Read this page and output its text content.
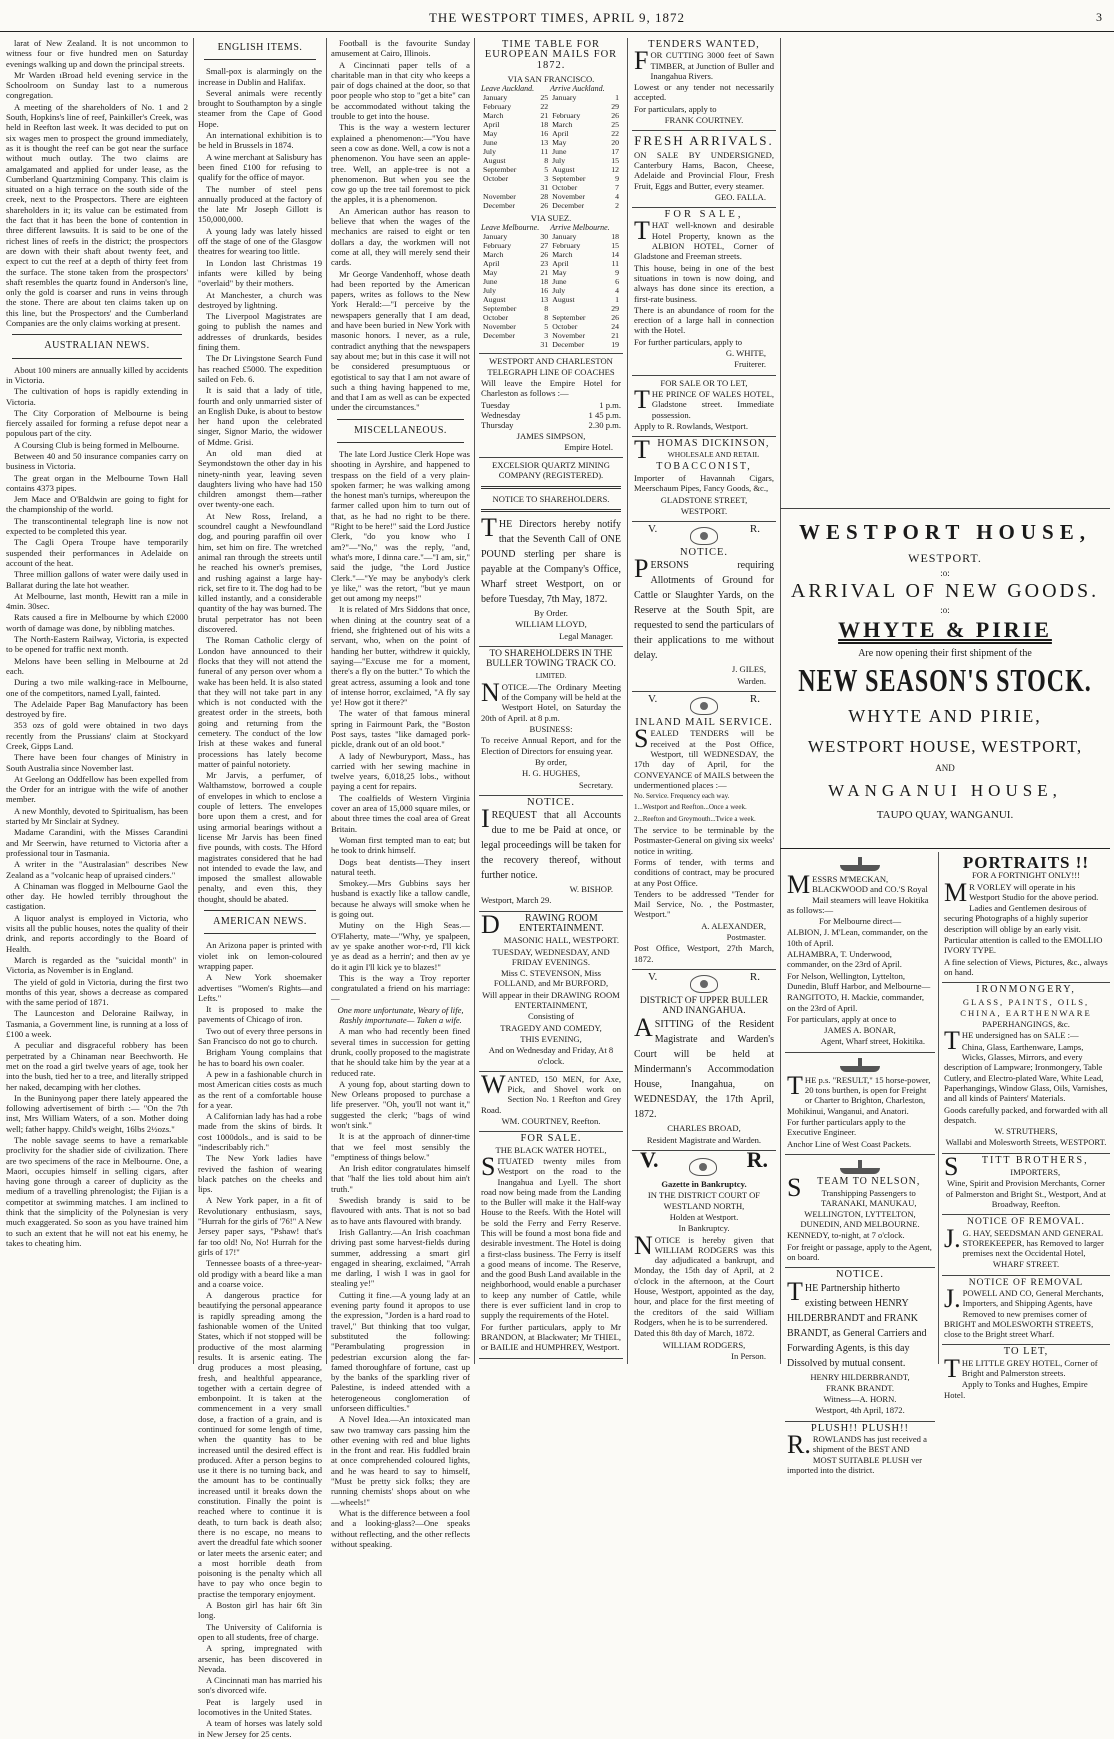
THE WESTPORT TIMES, APRIL 9, 1872	3

larat of New Zealand. It is not uncommon to witness four or five hundred men on Saturday evenings walking up and down the principal streets.

Mr Warden ıBroad held evening service in the Schoolroom on Sunday last to a numerous congregation.

A meeting of the shareholders of No. 1 and 2 South, Hopkins's line of reef, Painkiller's Creek, was held in Reefton last week. It was decided to put on six wages men to prospect the ground immediately, as it is thought the reef can be got near the surface without much outlay. The two claims are amalgamated and applied for under lease, as the Cumberland Quartzmining Company. This claim is situated on a high terrace on the south side of the creek, next to the Prospectors. There are eighteen shareholders in it; its value can be estimated from the fact that it has been the bone of contention in three different lawsuits. It is said to be one of the richest lines of reefs in the district; the prospectors are down with their shaft about twenty feet, and expect to cut the reef at a depth of thirty feet from the surface. The stone taken from the prospectors' shaft resembles the quartz found in Anderson's line, only the gold is coarser and runs in veins through the stone. There are about ten claims taken up on this line, but the Prospectors' and the Cumberland Companies are the only claims working at present.

AUSTRALIAN NEWS.

About 100 miners are annually killed by accidents in Victoria.

The cultivation of hops is rapidly extending in Victoria.

The City Corporation of Melbourne is being fiercely assailed for forming a refuse depot near a populous part of the city.

A Coursing Club is being formed in Melbourne.

Between 40 and 50 insurance companies carry on business in Victoria.

The great organ in the Melbourne Town Hall contains 4373 pipes.

Jem Mace and O'Baldwin are going to fight for the championship of the world.

The transcontinental telegraph line is now not expected to be completed this year.

The Cagli Opera Troupe have temporarily suspended their performances in Adelaide on account of the heat.

Three million gallons of water were daily used in Ballarat during the late hot weather.

At Melbourne, last month, Hewitt ran a mile in 4min. 30sec.

Rats caused a fire in Melbourne by which £2000 worth of damage was done, by nibbling matches.

The North-Eastern Railway, Victoria, is expected to be opened for traffic next month.

Melons have been selling in Melbourne at 2d each.

During a two mile walking-race in Melbourne, one of the competitors, named Lyall, fainted.

The Adelaide Paper Bag Manufactory has been destroyed by fire.

353 ozs of gold were obtained in two days recently from the Prussians' claim at Stockyard Creek, Gipps Land.

There have been four changes of Ministry in South Australia since November last.

At Geelong an Oddfellow has been expelled from the Order for an intrigue with the wife of another member.

A new Monthly, devoted to Spiritualism, has been started by Mr Sinclair at Sydney.

Madame Carandini, with the Misses Carandini and Mr Seerwin, have returned to Victoria after a professional tour in Tasmania.

A writer in the "Australasian" describes New Zealand as a "volcanic heap of upraised cinders."

A Chinaman was flogged in Melbourne Gaol the other day. He howled terribly throughout the castigation.

A liquor analyst is employed in Victoria, who visits all the public houses, notes the quality of their drink, and reports accordingly to the Board of Health.

March is regarded as the "suicidal month" in Victoria, as November is in England.

The yield of gold in Victoria, during the first two months of this year, shows a decrease as compared with the same period of 1871.

The Launceston and Deloraine Railway, in Tasmania, a Government line, is running at a loss of £100 a week.

A peculiar and disgraceful robbery has been perpetrated by a Chinaman near Beechworth. He met on the road a girl twelve years of age, took her into the bush, tied her to a tree, and literally stripped her naked, decamping with her clothes.

In the Buninyong paper there lately appeared the following advertisement of birth :— "On the 7th inst, Mrs William Waters, of a son. Mother doing well; father happy. Child's weight, 16lbs 2½ozs."

The noble savage seems to have a remarkable proclivity for the shadier side of civilization. There are two specimens of the race in Melbourne. One, a Maori, occupies himself in selling cigars, after having gone through a career of duplicity as the medium of a travelling phrenologist; the Fijian is a competitor at swimming matches. I am inclined to think that the simplicity of the Polynesian is very much exaggerated. So soon as you have trained him to such an extent that he will not eat his enemy, he takes to cheating him.

ENGLISH ITEMS.

Small-pox is alarmingly on the increase in Dublin and Halifax.

Several animals were recently brought to Southampton by a single steamer from the Cape of Good Hope.

An international exhibition is to be held in Brussels in 1874.

A wine merchant at Salisbury has been fined £100 for refusing to qualify for the office of mayor.

The number of steel pens annually produced at the factory of the late Mr Joseph Gillott is 150,000,000.

A young lady was lately hissed off the stage of one of the Glasgow theatres for wearing too little.

In London last Christmas 19 infants were killed by being "overlaid" by their mothers.

At Manchester, a church was destroyed by lightning.

The Liverpool Magistrates are going to publish the names and addresses of drunkards, besides fining them.

The Dr Livingstone Search Fund has reached £5000. The expedition sailed on Feb. 6.

It is said that a lady of title, fourth and only unmarried sister of an English Duke, is about to bestow her hand upon the celebrated singer, Signor Mario, the widower of Mdme. Grisi.

An old man died at Seymondstown the other day in his ninety-ninth year, leaving seven daughters living who have had 150 children amongst them—rather over twenty-one each.

At New Ross, Ireland, a scoundrel caught a Newfoundland dog, and pouring paraffin oil over him, set him on fire. The wretched animal ran through the streets until he reached his owner's premises, and rushing against a large hay-rick, set fire to it. The dog had to be killed instantly, and a considerable quantity of the hay was burned. The brutal perpetrator has not been discovered.

The Roman Catholic clergy of London have announced to their flocks that they will not attend the funeral of any person over whom a wake has been held. It is also stated that they will not take part in any which is not conducted with the greatest order in the streets, both going and returning from the cemetery. The conduct of the low Irish at these wakes and funeral processions has lately become matter of painful notoriety.

Mr Jarvis, a perfumer, of Walthamstow, borrowed a couple of envelopes in which to enclose a couple of letters. The envelopes bore upon them a crest, and for using armorial bearings without a license Mr Jarvis has been fined five pounds, with costs. The Hford magistrates considered that he had not intended to evade the law, and imposed the smallest allowable penalty, and even this, they thought, should be abated.

AMERICAN NEWS.

An Arizona paper is printed with violet ink on lemon-coloured wrapping paper.

A New York shoemaker advertises "Women's Rights—and Lefts."

It is proposed to make the pavements of Chicago of iron.

Two out of every three persons in San Francisco do not go to church.

Brigham Young complains that he has to board his own coaler.

A pew in a fashionable church in most American cities costs as much as the rent of a comfortable house for a year.

A Californian lady has had a robe made from the skins of birds. It cost 1000dols., and is said to be "indescribably rich."

The New York ladies have revived the fashion of wearing black patches on the cheeks and lips.

A New York paper, in a fit of Revolutionary enthusiasm, says, "Hurrah for the girls of '76!" A New Jersey paper says, "Pshaw! that's far too old! No, No! Hurrah for the girls of 17!"

Tennessee boasts of a three-year-old prodigy with a beard like a man and a coarse voice.

A dangerous practice for beautifying the personal appearance is rapidly spreading among the fashionable women of the United States, which if not stopped will be productive of the most alarming results. It is arsenic eating. The drug produces a most pleasing, fresh, and healthful appearance, together with a certain degree of embonpoint. It is taken at the commencement in a very small dose, a fraction of a grain, and is continued for some length of time, when the quantity has to be increased until the desired effect is produced. After a person begins to use it there is no turning back, and the amount has to be continually increased until it breaks down the constitution. Finally the point is reached where to continue it is death, to turn back is death also; there is no escape, no means to avert the dreadful fate which sooner or later meets the arsenic eater; and a most horrible death from poisoning is the penalty which all have to pay who once begin to practise the temporary enjoyment.

A Boston girl has hair 6ft 3in long.

The University of California is open to all students, free of charge.

A spring, impregnated with arsenic, has been discovered in Nevada.

A Cincinnati man has married his son's divorced wife.

Peat is largely used in locomotives in the United States.

A team of horses was lately sold in New Jersey for 25 cents.

Football is the favourite Sunday amusement at Cairo, Illinois.

A Cincinnati paper tells of a charitable man in that city who keeps a pair of dogs chained at the door, so that poor people who stop to "get a bite" can be accommodated without taking the trouble to get into the house.

This is the way a western lecturer explained a phenomenon:—"You have seen a cow as done. Well, a cow is not a phenomenon. You have seen an apple-tree. Well, an apple-tree is not a phenomenon. But when you see the cow go up the tree tail foremost to pick the apples, it is a phenomenon.

An American author has reason to believe that when the wages of the mechanics are raised to eight or ten dollars a day, the workmen will not come at all, they will merely send their cards.

Mr George Vandenhoff, whose death had been reported by the American papers, writes as follows to the New York Herald:—"I perceive by the newspapers generally that I am dead, and have been buried in New York with masonic honors. I never, as a rule, contradict anything that the newspapers say about me; but in this case it will not be considered presumptuous or egotistical to say that I am not aware of such a thing having happened to me, and that I am as well as can be expected under the circumstances."

MISCELLANEOUS.

The late Lord Justice Clerk Hope was shooting in Ayrshire, and happened to trespass on the field of a very plain-spoken farmer; he was walking among the honest man's turnips, whereupon the farmer called upon him to turn out of that, as he had no right to be there. "Right to be here!" said the Lord Justice Clerk, "do you know who I am?"—"No," was the reply, "and, what's more, I dinna care."—"I am, sir," said the judge, "the Lord Justice Clerk."—"Ye may be anybody's clerk ye like," was the retort, "but ye maun get out among my neeps!"

It is related of Mrs Siddons that once, when dining at the country seat of a friend, she frightened out of his wits a servant, who, when on the point of handing her butter, withdrew it quickly, saying—"Excuse me for a moment, there's a fly on the butter." To which the great actress, assuming a look and tone of intense horror, exclaimed, "A fly say ye! How got it there?"

The water of that famous mineral spring in Fairmount Park, the "Boston Post says, tastes "like damaged pork-pickle, drank out of an old boot."

A lady of Newburyport, Mass., has carried with her sewing machine in twelve years, 6,018,25 lobs., without paying a cent for repairs.

The coalfields of Western Virginia cover an area of 15,000 square miles, or about three times the coal area of Great Britain.

Woman first tempted man to eat; but he took to drink himself.

Dogs beat dentists—They insert natural teeth.

Smokey.—Mrs Gubbins says her husband is exactly like a tallow candle, because he always will smoke when he is going out.

Mutiny on the High Seas.—O'Flaherty, mate—"Why, ye spalpeen, av ye spake another wor-r-rd, I'll kick ye as dead as a herrin'; and then av ye do it agin I'll kick ye to blazes!"

This is the way a Troy reporter congratulated a friend on his marriage:—

One more unfortunate, Weary of life, Rashly importunate— Taken a wife.

A man who had recently been fined several times in succession for getting drunk, coolly proposed to the magistrate that he should take him by the year at a reduced rate.

A young fop, about starting down to New Orleans proposed to purchase a life preserver. "Oh, you'll not want it," suggested the clerk; "bags of wind won't sink."

It is at the approach of dinner-time that we feel most sensibly the "emptiness of things below."

An Irish editor congratulates himself that "half the lies told about him ain't truth."

Swedish brandy is said to be flavoured with ants. That is not so bad as to have ants flavoured with brandy.

Irish Gallantry.—An Irish coachman driving past some harvest-fields during summer, addressing a smart girl engaged in shearing, exclaimed, "Arrah me darling, I wish I was in gaol for stealing ye!"

Cutting it fine.—A young lady at an evening party found it apropos to use the expression, "Jorden is a hard road to travel," But thinking that too vulgar, substituted the following: "Perambulating progression in pedestrian excursion along the far-famed thoroughfare of fortune, cast up by the banks of the sparkling river of Palestine, is indeed attended with a heterogeneous conglomeration of unforseen difficulties."

A Novel Idea.—An intoxicated man saw two tramway cars passing him the other evening with red and blue lights in the front and rear. His fuddled brain at once comprehended coloured lights, and he was heard to say to himself, "Must be pretty sick folks; they are running chemists' shops about on whe—wheels!"

What is the difference between a fool and a looking-glass?—One speaks without reflecting, and the other reflects without speaking.

TIME TABLE FOR EUROPEAN MAILS FOR 1872.
VIA SAN FRANCISCO.
Leave Auckland.		Arrive Auckland.	
January	25	January	1
February	22		29
March	21	February	26
April	18	March	25
May	16	April	22
June	13	May	20
July	11	June	17
August	8	July	15
September	5	August	12
October	3	September	9
	31	October	7
November	28	November	4
December	26	December	2
VIA SUEZ.
Leave Melbourne.		Arrive Melbourne.	
January	30	January	18
February	27	February	15
March	26	March	14
April	23	April	11
May	21	May	9
June	18	June	6
July	16	July	4
August	13	August	1
September	8		29
October	8	September	26
November	5	October	24
December	3	November	21
	31	December	19

WESTPORT AND CHARLESTON TELEGRAPH LINE OF COACHES

Will leave the Empire Hotel for Charleston as follows :—

Tuesday	1 p.m.
Wednesday	1 45 p.m.
Thursday	2.30 p.m.

JAMES SIMPSON,

Empire Hotel.

EXCELSIOR QUARTZ MINING COMPANY (REGISTERED).

NOTICE TO SHAREHOLDERS.

THE Directors hereby notify that the Seventh Call of ONE POUND sterling per share is payable at the Company's Office, Wharf street Westport, on or before Tuesday, 7th May, 1872.

By Order.

WILLIAM LLOYD,

Legal Manager.

TO SHAREHOLDERS IN THE BULLER TOWING TRACK CO.

LIMITED.

NOTICE.—The Ordinary Meeting of the Company will be held at the Westport Hotel, on Saturday the 20th of April. at 8 p.m.

BUSINESS:

To receive Annual Report, and for the Election of Directors for ensuing year.

By order,

H. G. HUGHES,

Secretary.

NOTICE.

IREQUEST that all Accounts due to me be Paid at once, or legal proceedings will be taken for the recovery thereof, without further notice.

W. BISHOP.

Westport, March 29.

DRAWING ROOM ENTERTAINMENT.

MASONIC HALL, WESTPORT.

TUESDAY, WEDNESDAY, AND FRIDAY EVENINGS.

Miss C. STEVENSON, Miss FOLLAND, and Mr BURFORD,

Will appear in their DRAWING ROOM ENTERTAINMENT,

Consisting of

TRAGEDY AND COMEDY,

THIS EVENING,

And on Wednesday and Friday, At 8 o'clock.

WANTED, 150 MEN, for Axe, Pick, and Shovel work on Section No. 1 Reefton and Grey Road.

WM. COURTNEY, Reefton.

FOR SALE.

THE BLACK WATER HOTEL,

SITUATED twenty miles from Westport on the road to the Inangahua and Lyell. The short road now being made from the Landing to the Buller will make it the Half-way House to the Reefs. With the Hotel will be sold the Ferry and Ferry Reserve. This will be found a most bona fide and desirable investment. The Hotel is doing a first-class business. The Ferry is itself a good means of income. The Reserve, and the good Bush Land available in the neighborhood, would enable a purchaser to keep any number of Cattle, while there is ever sufficient land in crop to supply the requirements of the Hotel.

For further particulars, apply to Mr BRANDON, at Blackwater; Mr THIEL, or BAILIE and HUMPHREY, Westport.

TENDERS WANTED,

FOR CUTTING 3000 feet of Sawn TIMBER, at Junction of Buller and Inangahua Rivers.

Lowest or any tender not necessarily accepted.

For particulars, apply to

FRANK COURTNEY.

FRESH ARRIVALS.

ON SALE BY UNDERSIGNED, Canterbury Hams, Bacon, Cheese, Adelaide and Provincial Flour, Fresh Fruit, Eggs and Butter, every steamer.

GEO. FALLA.

FOR SALE,

THAT well-known and desirable Hotel Property, known as the ALBION HOTEL, Corner of Gladstone and Freeman streets.

This house, being in one of the best situations in town is now doing, and always has done since its erection, a first-rate business.

There is an abundance of room for the erection of a large hall in connection with the Hotel.

For further particulars, apply to

G. WHITE,

Fruiterer.

FOR SALE OR TO LET,

THE PRINCE OF WALES HOTEL, Gladstone street. Immediate possession.

Apply to R. Rowlands, Westport.

THOMAS DICKINSON,

WHOLESALE AND RETAIL

TOBACCONIST,

Importer of Havannah Cigars, Meerschaum Pipes, Fancy Goods, &c.,

GLADSTONE STREET,

WESTPORT.

V.	R.
NOTICE.

PERSONS requiring Allotments of Ground for Cattle or Slaughter Yards, on the Reserve at the South Spit, are requested to send the particulars of their applications to me without delay.

J. GILES,

Warden.

V.	R.
INLAND MAIL SERVICE.

SEALED TENDERS will be received at the Post Office, Westport, till WEDNESDAY, the 17th day of April, for the CONVEYANCE of MAILS between the undermentioned places :—

No. Service. Frequency each way.

1...Westport and Reefton...Once a week.

2...Reefton and Greymouth...Twice a week.

The service to be terminable by the Postmaster-General on giving six weeks' notice in writing.

Forms of tender, with terms and conditions of contract, may be procured at any Post Office.

Tenders to be addressed "Tender for Mail Service, No. , the Postmaster, Westport."

A. ALEXANDER,

Postmaster.

Post Office, Westport, 27th March, 1872.

V.	R.

DISTRICT OF UPPER BULLER AND INANGAHUA.

ASITTING of the Resident Magistrate and Warden's Court will be held at Mindermann's Accommodation House, Inangahua, on WEDNESDAY, the 17th April, 1872.

CHARLES BROAD,

Resident Magistrate and Warden.

V.	R.

Gazette in Bankruptcy.

IN THE DISTRICT COURT OF WESTLAND NORTH,

Holden at Westport.

In Bankruptcy.

NOTICE is hereby given that WILLIAM RODGERS was this day adjudicated a bankrupt, and Monday, the 15th day of April, at 2 o'clock in the afternoon, at the Court House, Westport, appointed as the day, hour, and place for the first meeting of the creditors of the said William Rodgers, when he is to be surrendered.

Dated this 8th day of March, 1872.

WILLIAM RODGERS,

In Person.

WESTPORT HOUSE,
WESTPORT.
:o:
ARRIVAL OF NEW GOODS.
:o:
WHYTE & PIRIE
Are now opening their first shipment of the
NEW SEASON'S STOCK.
WHYTE AND PIRIE,
WESTPORT HOUSE, WESTPORT,
AND
WANGANUI HOUSE,
TAUPO QUAY, WANGANUI.

MESSRS M'MECKAN, BLACKWOOD and CO.'S Royal Mail steamers will leave Hokitika as follows:—

For Melbourne direct—

ALBION, J. M'Lean, commander, on the 10th of April.

ALHAMBRA, T. Underwood, commander, on the 23rd of April.

For Nelson, Wellington, Lyttelton, Dunedin, Bluff Harbor, and Melbourne—

RANGITOTO, H. Mackie, commander, on the 23rd of April.

For particulars, apply at once to

JAMES A. BONAR,

Agent, Wharf street, Hokitika.

THE p.s. "RESULT," 15 horse-power, 20 tons burthen, is open for Freight or Charter to Brighton, Charleston, Mohikinui, Wanganui, and Anatori.

For further particulars apply to the Executive Engineer.

Anchor Line of West Coast Packets.

STEAM TO NELSON,

Transhipping Passengers to TARANAKI, MANUKAU, WELLINGTON, LYTTELTON, DUNEDIN, AND MELBOURNE.

KENNEDY, to-night, at 7 o'clock.

For freight or passage, apply to the Agent, on board.

NOTICE.

THE Partnership hitherto existing between HENRY HILDERBRANDT and FRANK BRANDT, as General Carriers and Forwarding Agents, is this day Dissolved by mutual consent.

HENRY HILDERBRANDT,

FRANK BRANDT.

Witness—A. HORN.

Westport, 4th April, 1872.

PLUSH!! PLUSH!!

R.ROWLANDS has just received a shipment of the BEST AND MOST SUITABLE PLUSH ver imported into the district.

PORTRAITS !!

FOR A FORTNIGHT ONLY!!!

MR VORLEY will operate in his Westport Studio for the above period.

Ladies and Gentlemen desirous of securing Photographs of a highly superior description will oblige by an early visit.

Particular attention is called to the EMOLLIO IVORY TYPE.

A fine selection of Views, Pictures, &c., always on hand.

IRONMONGERY,

GLASS, PAINTS, OILS,

CHINA, EARTHENWARE

PAPERHANGINGS, &c.

THE undersigned has on SALE :—

China, Glass, Earthenware, Lamps, Wicks, Glasses, Mirrors, and every description of Lampware; Ironmongery, Table Cutlery, and Electro-plated Ware, White Lead, Paperhangings, Window Glass, Oils, Varnishes, and all kinds of Painters' Materials.

Goods carefully packed, and forwarded with all despatch.

W. STRUTHERS,

Wallabi and Molesworth Streets, WESTPORT.

STITT BROTHERS,

IMPORTERS,

Wine, Spirit and Provision Merchants, Corner of Palmerston and Bright St., Westport, And at Broadway, Reefton.

NOTICE OF REMOVAL.

J.G. HAY, SEEDSMAN AND GENERAL STOREKEEPER, has Removed to larger premises next the Occidental Hotel,

WHARF STREET.

NOTICE OF REMOVAL

J.POWELL AND CO, General Merchants, Importers, and Shipping Agents, have Removed to new premises corner of BRIGHT and MOLESWORTH STREETS, close to the Bright street Wharf.

TO LET,

THE LITTLE GREY HOTEL, Corner of Bright and Palmerston streets.

Apply to Tonks and Hughes, Empire Hotel.
